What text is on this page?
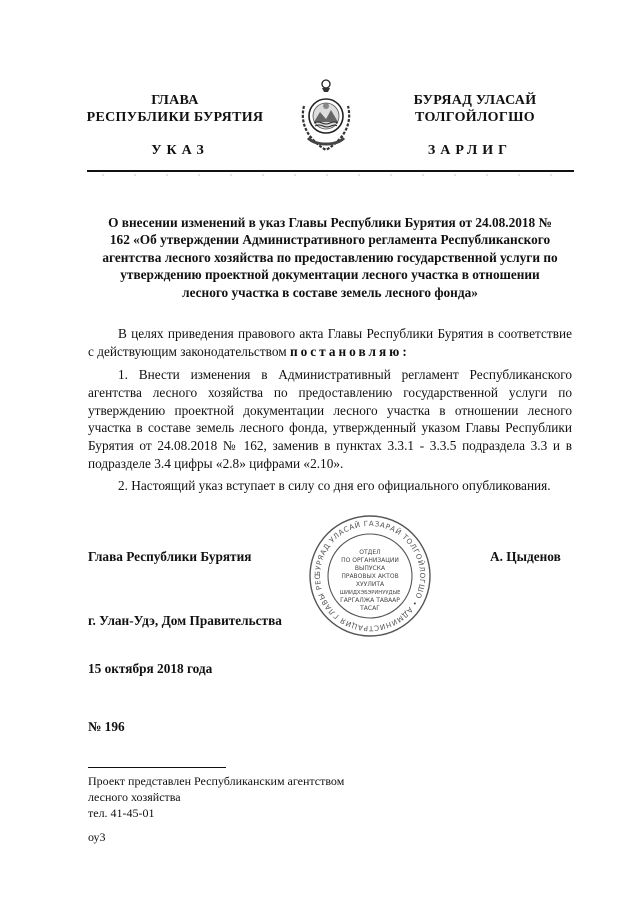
ГЛАВА
РЕСПУБЛИКИ БУРЯТИЯ
БУРЯАД УЛАСАЙ
ТОЛГОЙЛОГШО
УКАЗ	ЗАРЛИГ
О внесении изменений в указ Главы Республики Бурятия от 24.08.2018 № 162 «Об утверждении Административного регламента Республиканского агентства лесного хозяйства по предоставлению государственной услуги по утверждению проектной документации лесного участка в отношении лесного участка в составе земель лесного фонда»
В целях приведения правового акта Главы Республики Бурятия в соответствие с действующим законодательством постановляю:
1. Внести изменения в Административный регламент Республиканского агентства лесного хозяйства по предоставлению государственной услуги по утверждению проектной документации лесного участка в отношении лесного участка в составе земель лесного фонда, утвержденный указом Главы Республики Бурятия от 24.08.2018 № 162, заменив в пунктах 3.3.1 - 3.3.5 подраздела 3.3 и в подразделе 3.4 цифры «2.8» цифрами «2.10».
2. Настоящий указ вступает в силу со дня его официального опубликования.
Глава Республики Бурятия	А. Цыденов
БУРЯАД УЛАСАЙ ГАЗАРАЙ ТОЛГОЙЛОГШО • АДМИНИСТРАЦИЯ ГЛАВЫ РЕС
ОТДЕЛ
ПО ОРГАНИЗАЦИИ
ВЫПУСКА
ПРАВОВЫХ АКТОВ
ХУУЛИТА
ШИИДХЭБЭРИНУУДЫЕ
ГАРГАЛЖА ТАВААР
ТАСАГ
г. Улан-Удэ, Дом Правительства
15 октября 2018 года
№ 196
Проект представлен Республиканским агентством
лесного хозяйства
тел. 41-45-01
оу3
